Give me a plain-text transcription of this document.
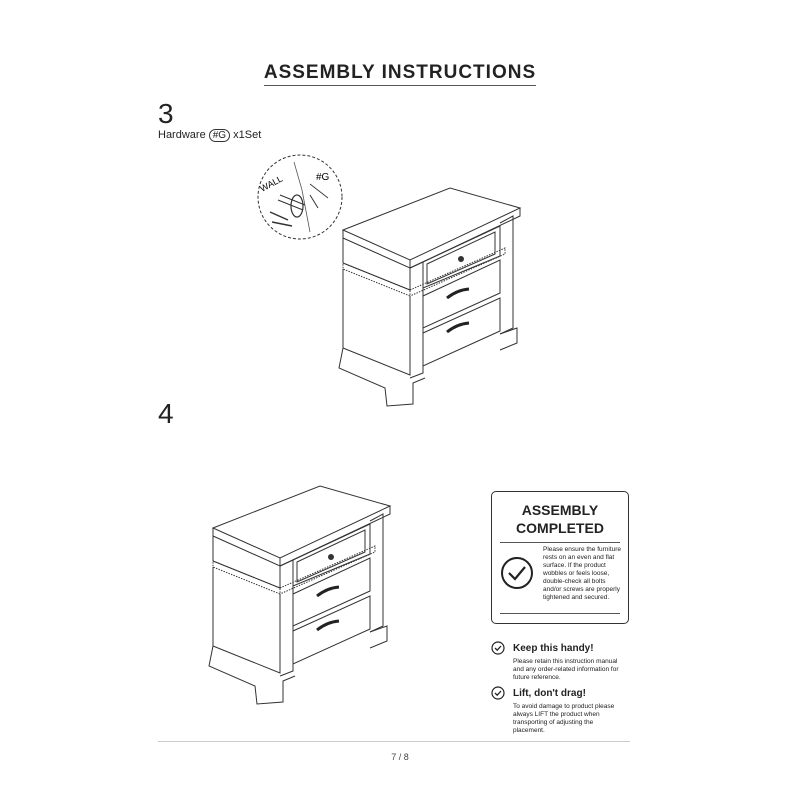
ASSEMBLY INSTRUCTIONS
3
Hardware #G x1Set
WALL	#G
4
ASSEMBLY
COMPLETED
Please ensure the furniture rests on an even and flat surface. If the product wobbles or feels loose, double-check all bolts and/or screws are properly tightened and secured.
Keep this handy!
Please retain this instruction manual and any order-related information for future reference.
Lift, don't drag!
To avoid damage to product please always LIFT the product when transporting of adjusting the placement.
7 / 8
